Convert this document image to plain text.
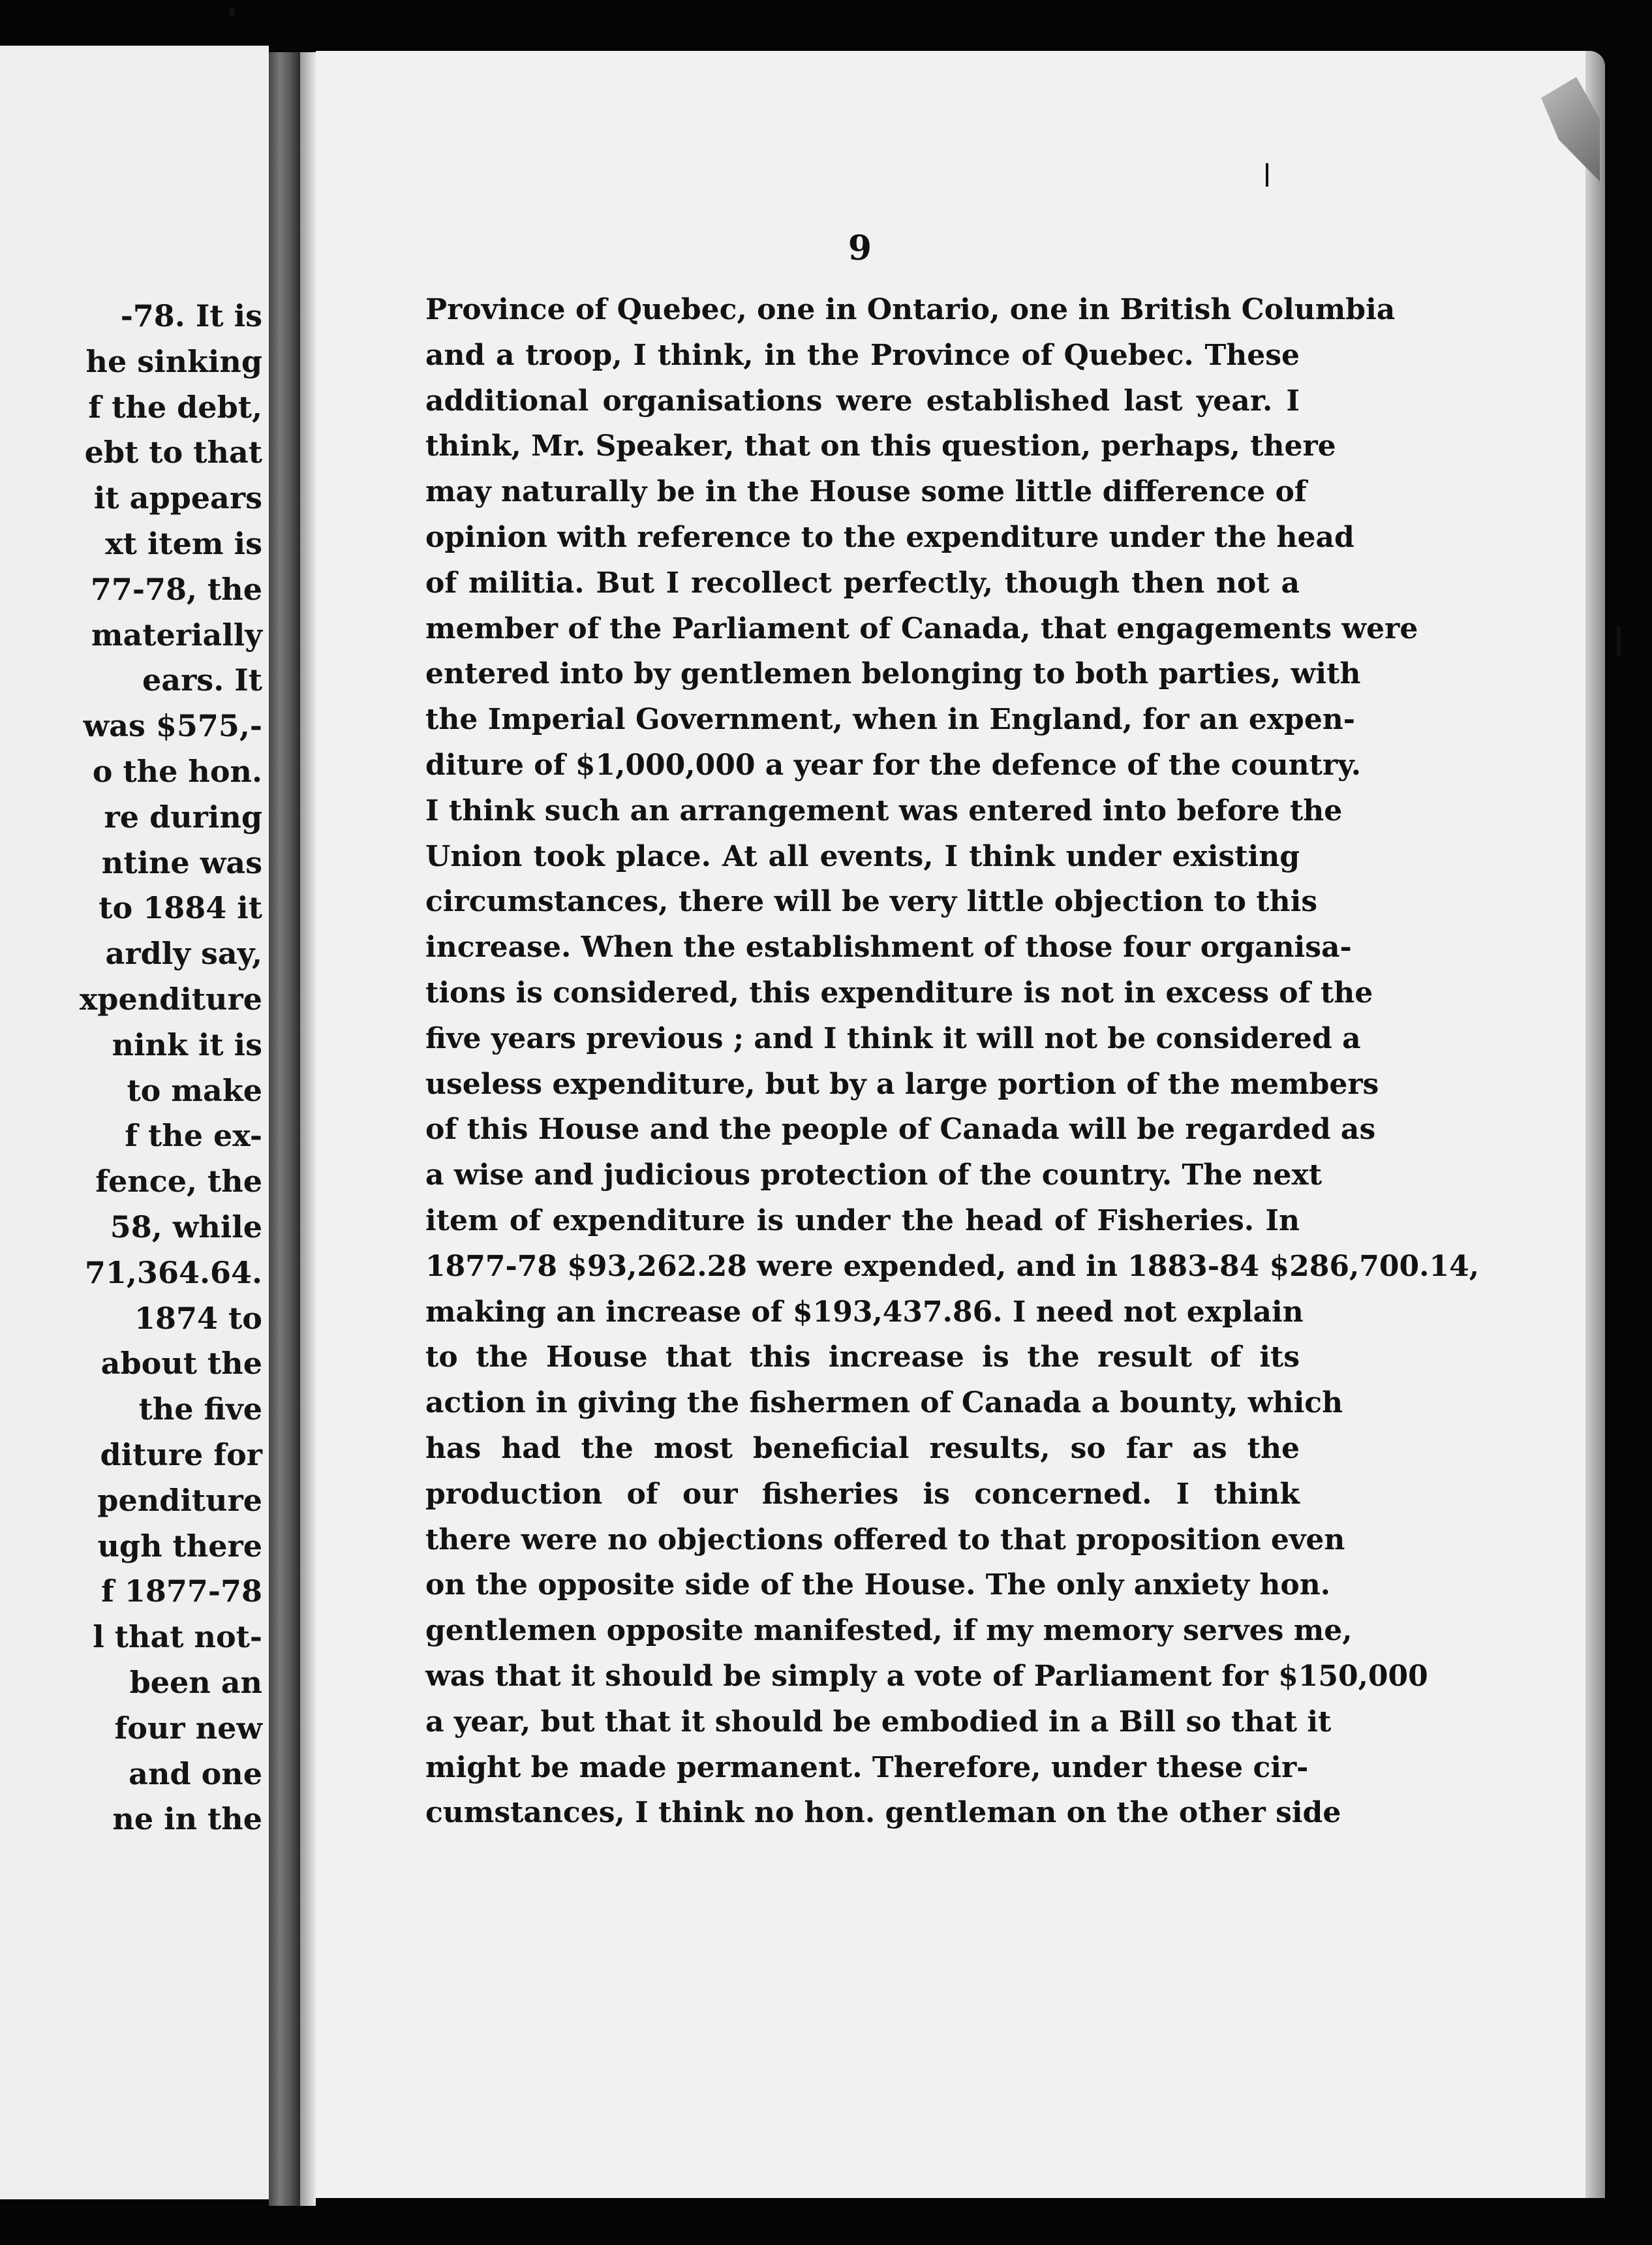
-78. It is
he sinking
f the debt,
ebt to that
it appears
xt item is
77-78, the
materially
ears. It
was $575,-
o the hon.
re during
ntine was
to 1884 it
ardly say,
xpenditure
nink it is
to make
f the ex-
fence, the
58, while
71,364.64.
1874 to
about the
the five
diture for
penditure
ugh there
f 1877-78
l that not-
been an
four new
and one
ne in the
9
Province of Quebec, one in Ontario, one in British Columbia
and a troop, I think, in the Province of Quebec. These
additional organisations were established last year. I
think, Mr. Speaker, that on this question, perhaps, there
may naturally be in the House some little difference of
opinion with reference to the expenditure under the head
of militia. But I recollect perfectly, though then not a
member of the Parliament of Canada, that engagements were
entered into by gentlemen belonging to both parties, with
the Imperial Government, when in England, for an expen-
diture of $1,000,000 a year for the defence of the country.
I think such an arrangement was entered into before the
Union took place. At all events, I think under existing
circumstances, there will be very little objection to this
increase. When the establishment of those four organisa-
tions is considered, this expenditure is not in excess of the
five years previous ; and I think it will not be considered a
useless expenditure, but by a large portion of the members
of this House and the people of Canada will be regarded as
a wise and judicious protection of the country. The next
item of expenditure is under the head of Fisheries. In
1877-78 $93,262.28 were expended, and in 1883-84 $286,700.14,
making an increase of $193,437.86. I need not explain
to the House that this increase is the result of its
action in giving the fishermen of Canada a bounty, which
has had the most beneficial results, so far as the
production of our fisheries is concerned. I think
there were no objections offered to that proposition even
on the opposite side of the House. The only anxiety hon.
gentlemen opposite manifested, if my memory serves me,
was that it should be simply a vote of Parliament for $150,000
a year, but that it should be embodied in a Bill so that it
might be made permanent. Therefore, under these cir-
cumstances, I think no hon. gentleman on the other side
